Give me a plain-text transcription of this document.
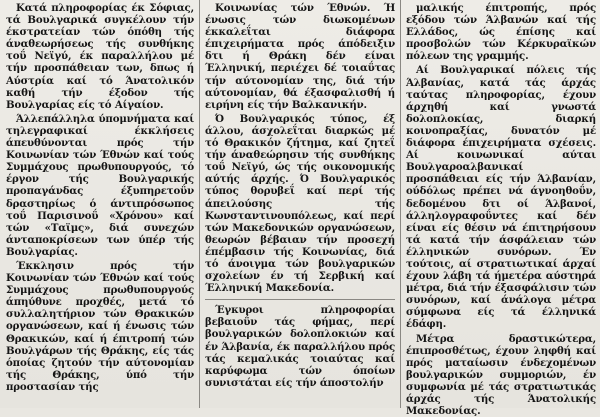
Κατά πληροφορίας έκ Σόφιας, τά Βουλγαρικά συγκέλουν τήν έκστρατείαν τών όπόθη τής άναθεωρήσεως τής συνθήκης τοΰ Νεϊγύ, έκ παραλλήλου μέ τήν προσπάθειαν των, δπως ή Αύστρία καί τό Άνατολικόν καθή τήν έξοδον τής Βουλγαρίας είς τό Αίγαίον.

Άλλεπάλληλα ύπομνήματα καί τηλεγραφικαί έκκλήσεις άπευθύνονται πρός τήν Κοινωνίαν τών Έθνών καί τούς Συμμάχους πρωθυπουργούς, τό έργον τής Βουλγαρικής προπαγάνδας έξυπηρετοΰν δραστηρίως ό άντιπρόσωπος τοΰ Παρισινοΰ «Χρόνου» καί τών «Ταϊμς», διά συνεχών άνταποκρίσεων των ύπέρ τής Βουλγαρίας.

Έκκλησιν πρός τήν Κοινωνίαν τών Έθνών καί τούς Συμμάχους πρωθυπουργούς άπηύθυνε προχθές, μετά τό συλλαλητήριον τών Θρακικών οργανώσεων, καί ή ένωσις τών Θρακικών, καί ή έπιτροπή τών Βουλγάρων τής Θράκης, είς τάς όποίας ζητούν τήν αύτονομίαν τής Θράκης, ύπό τήν προστασίαν τής

Κοινωνίας τών Έθνών. Ή ένωσις τών διωκομένων έκκαλεΐται διάφορα έπιχειρήματα πρός άπόδειξιν δτι ή Θράκη δέν είναι Έλληνική, περιέχει δέ τοιαΰτας τήν αύτονομίαν της, διά τήν αύτονομίαν, θά έξασφαλισθή ή ειρήνη είς τήν Βαλκανικήν.

Ό Βουλγαρικός τύπος, έξ άλλου, άσχολεΐται διαρκώς μέ τό Θρακικόν ζήτημα, καί ζητεΐ τήν άναθεώρησιν τής συνθήκης τοΰ Νεϊγύ, ώς τής οικονομικής αύτής άρχής. Ό Βουλγαρικός τύπος θορυβεΐ καί περί τής άπειλούσης τής Κωνσταντινουπόλεως, καί περί τών Μακεδονικών οργανώσεων, θεωρών βέβαιαν τήν προσεχή έπέμβασιν τής Κοινωνίας, διά τό άνοιγμα τών βουλγαρικών σχολείων έν τή Σερβική καί Έλληνική Μακεδονία.

Έγκυροι πληροφορίαι βεβαιοΰν τάς φήμας, περί βουλγαρικών δολοπλοκιών καί έν Άλβανία, έκ παραλλήλου πρός τάς κεμαλικάς τοιαύτας καί καρύφωμα τών όποίων συνιστάται είς τήν άποστολήν

μαλικής έπιτροπής, πρός εξόδου τών Άλβανών καί τής Ελλάδος, ώς έπίσης καί προσβολών τών Κέρκυραϊκών πόλεων της γραμμής.

Αί Βουλγαρικαί πόλεις τής Άλβανίας, κατά τάς άρχάς ταύτας πληροφορίας, έχουν άρχηθή καί γνωστά δολοπλοκίας, διαρκή κοινοπραξίας, δυνατόν μέ διάφορα έπιχειρήματα σχέσεις. Αί κοινωνικαί αύται Βουλγαροαλβανικαί προσπάθειαι είς τήν Άλβανίαν, ούδόλως πρέπει νά άγνοηθοΰν, δεδομένου δτι οί Άλβανοί, άλληλογραφοΰντες καί δέν είναι είς θέσιν νά έπιτηρήσουν τά κατά τήν άσφάλειαν τών έλληνικών συνόρων. Έν τούτοις, αί στρατιωτικαί άρχαί έχουν λάβη τά ήμετέρα αύστηρά μέτρα, διά τήν έξασφάλισιν τών συνόρων, καί άνάλογα μέτρα σύμφωνα είς τά έλληνικά έδάφη.

Μέτρα δραστικώτερα, έπιπροσθέτως, έχουν ληφθή καί πρός ματαίωσιν ένδεχομένων βουλγαρικών συμμοριών, έν συμφωνία μέ τάς στρατιωτικάς άρχάς τής Άνατολικής Μακεδονίας.
